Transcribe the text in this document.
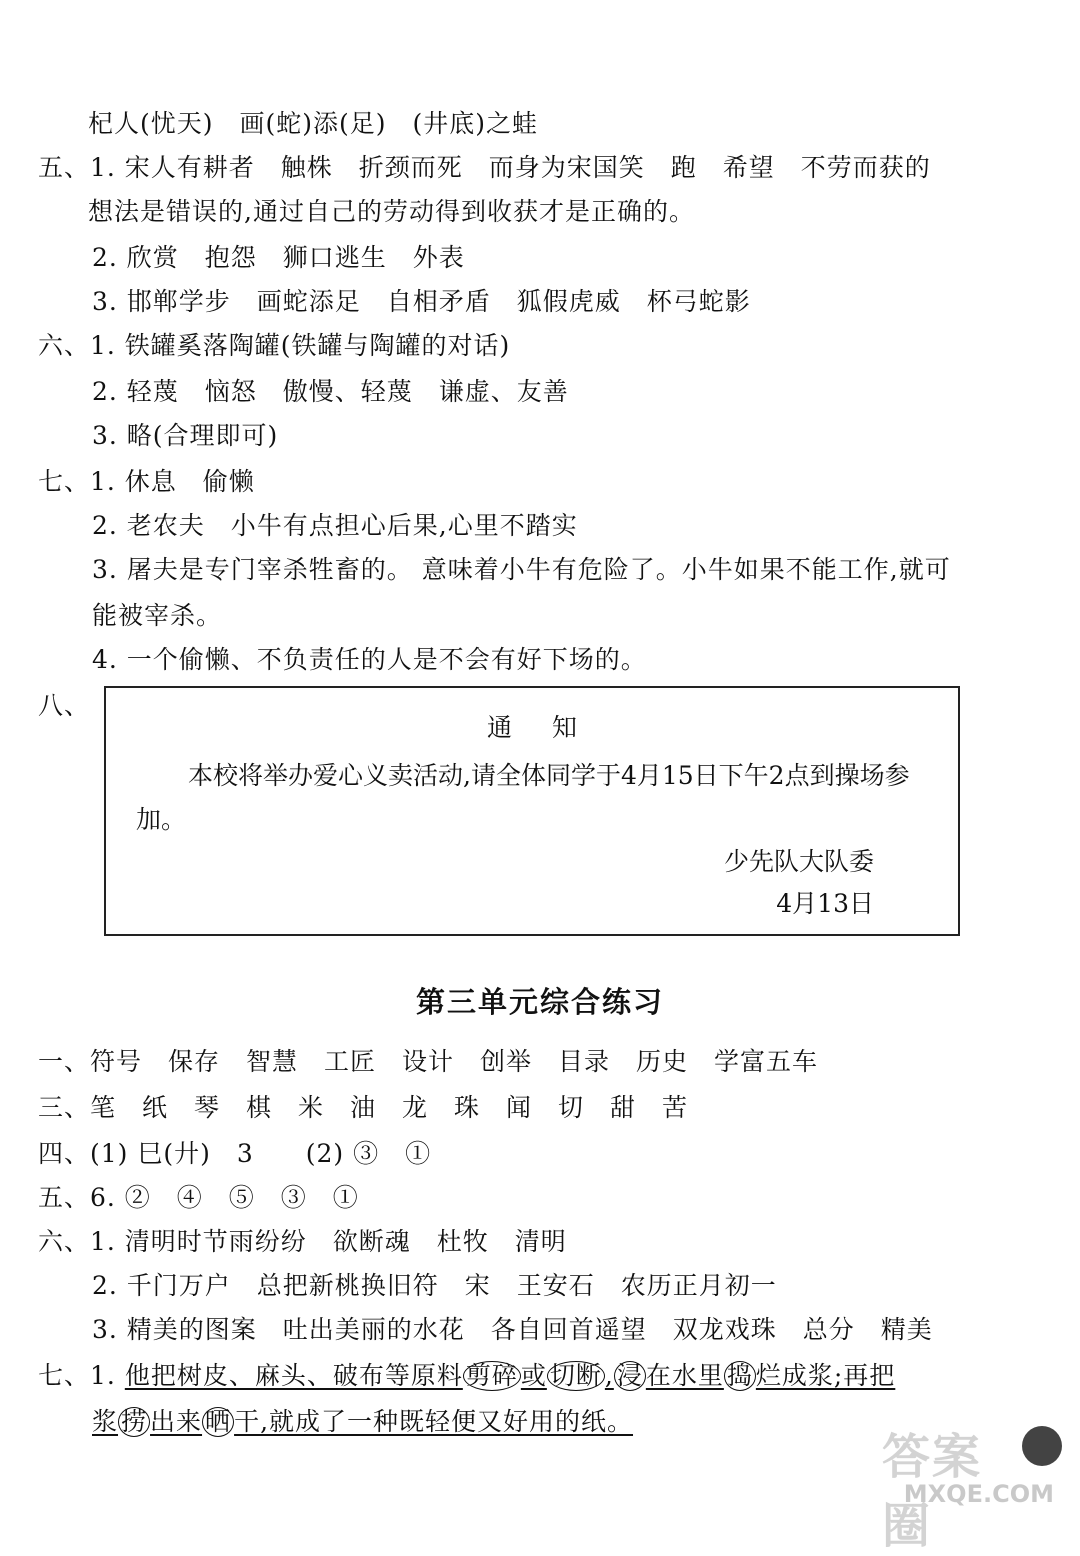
杞人(忧天)　画(蛇)添(足)　(井底)之蛙
五、1. 宋人有耕者　触株　折颈而死　而身为宋国笑　跑　希望　不劳而获的
想法是错误的,通过自己的劳动得到收获才是正确的。
2. 欣赏　抱怨　狮口逃生　外表
3. 邯郸学步　画蛇添足　自相矛盾　狐假虎威　杯弓蛇影
六、1. 铁罐奚落陶罐(铁罐与陶罐的对话)
2. 轻蔑　恼怒　傲慢、轻蔑　谦虚、友善
3. 略(合理即可)
七、1. 休息　偷懒
2. 老农夫　小牛有点担心后果,心里不踏实
3. 屠夫是专门宰杀牲畜的。 意味着小牛有危险了。小牛如果不能工作,就可
能被宰杀。
4. 一个偷懒、不负责任的人是不会有好下场的。
八、
通知
本校将举办爱心义卖活动,请全体同学于4月15日下午2点到操场参加。
少先队大队委
4月13日
第三单元综合练习
一、符号　保存　智慧　工匠　设计　创举　目录　历史　学富五车
三、笔　纸　琴　棋　米　油　龙　珠　闻　切　甜　苦
四、(1) 巳(廾)　3　　(2) ③　①
五、6. ②　④　⑤　③　①
六、1. 清明时节雨纷纷　欲断魂　杜牧　清明
2. 千门万户　总把新桃换旧符　宋　王安石　农历正月初一
3. 精美的图案　吐出美丽的水花　各自回首遥望　双龙戏珠　总分　精美
七、1. 他把树皮、麻头、破布等原料 剪碎 或 切断 , 浸 在水里 捣 烂成浆;再把
浆 捞 出来 晒 干,就成了一种既轻便又好用的纸。
答案圈
MXQE.COM
